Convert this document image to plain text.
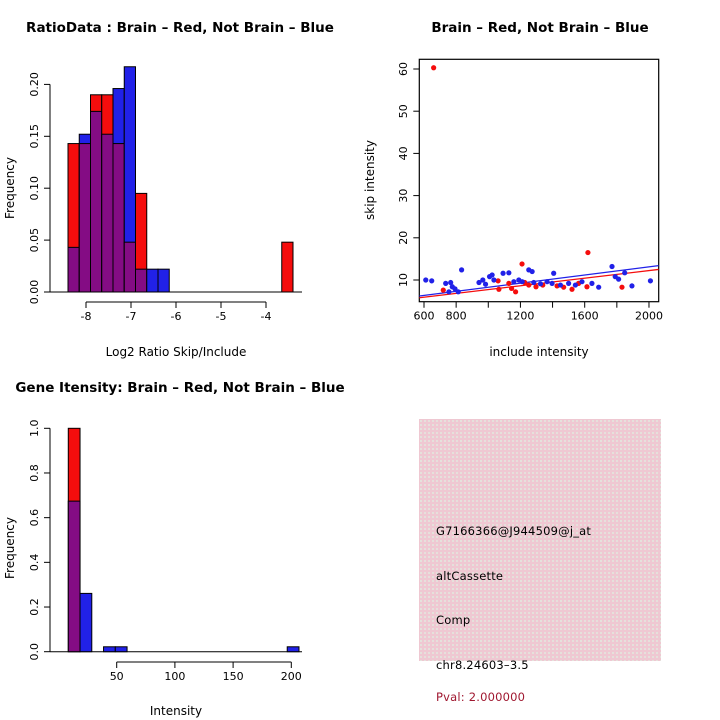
0.00
0.05
0.10
0.15
0.20
-8	-7	-6	-5	-4
RatioData : Brain – Red, Not Brain – Blue
Log2 Ratio Skip/Include
Frequency
600 800	1200	1600	2000
10
20
30
40
50
60
Brain – Red, Not Brain – Blue
include intensity
skip intensity
0.0
0.2
0.4
0.6
0.8
1.0
50	100	150	200
Gene Itensity: Brain – Red, Not Brain – Blue
Intensity
Frequency	G7166366@J944509@j_at
altCassette
Comp
chr8.24603–3.5
Pval: 2.000000
